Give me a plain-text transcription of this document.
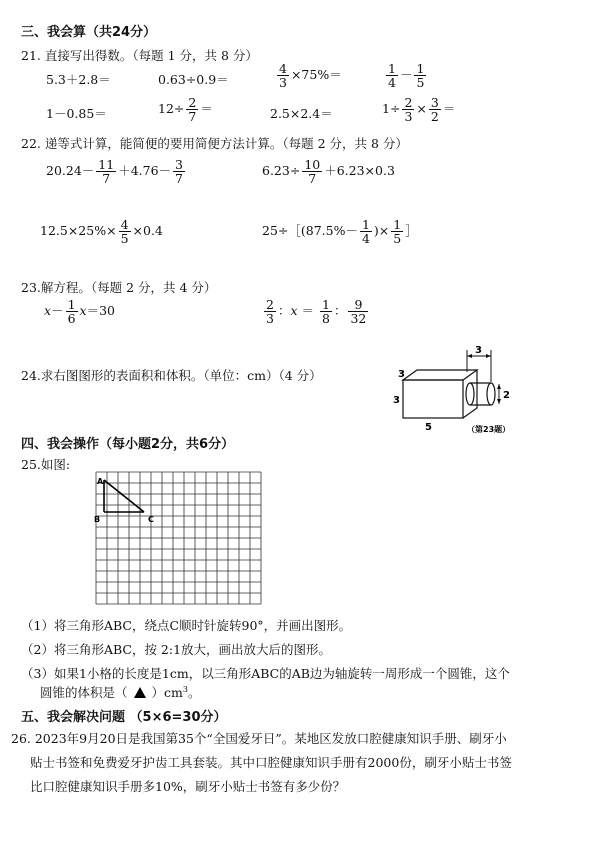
三、我会算（共24分）
21. 直接写出得数。（每题 1 分，共 8 分）
5.3＋2.8＝	0.63÷0.9＝	$\frac{4}{3} \times 75\%=$	$\frac{1}{4} - \frac{1}{5}$
1－0.85＝	$12\div \frac{2}{7}$ ＝	2.5×2.4＝	$1\div \frac{2}{3} \times \frac{3}{2}$ ＝
22. 递等式计算，能简便的要用简便方法计算。（每题 2 分，共 8 分）
$20.24- \frac{11}{7} +4.76- \frac{3}{7}$	$6.23\div \frac{10}{7} +6.23\times 0.3$
$12.5\times 25\%\times \frac{4}{5} \times 0.4$	25÷［(87.5%－ $\frac{1}{4}$ )× $\frac{1}{5}$ ］
23.解方程。（每题 2 分，共 4 分）
$x- \frac{1}{6} x=30$	$\frac{2}{3}$ ：$x = \frac{1}{8}$ ： $\frac{9}{32}$
24.求右图图形的表面积和体积。（单位：cm）（4 分）
3
2
3
3
5	（第23题）
四、我会操作（每小题2分，共6分）
25.如图:
A
B	C
（1）将三角形ABC，绕点C顺时针旋转90°，并画出图形。
（2）将三角形ABC，按 2:1放大，画出放大后的图形。
（3）如果1小格的长度是1cm，以三角形ABC的AB边为轴旋转一周形成一个圆锥，这个
圆锥的体积是（ ）$cm^3$。
五、我会解决问题 （5×6=30分）
26. 2023年9月20日是我国第35个“全国爱牙日”。某地区发放口腔健康知识手册、刷牙小
贴士书签和免费爱牙护齿工具套装。其中口腔健康知识手册有2000份，刷牙小贴士书签
比口腔健康知识手册多10%，刷牙小贴士书签有多少份？
